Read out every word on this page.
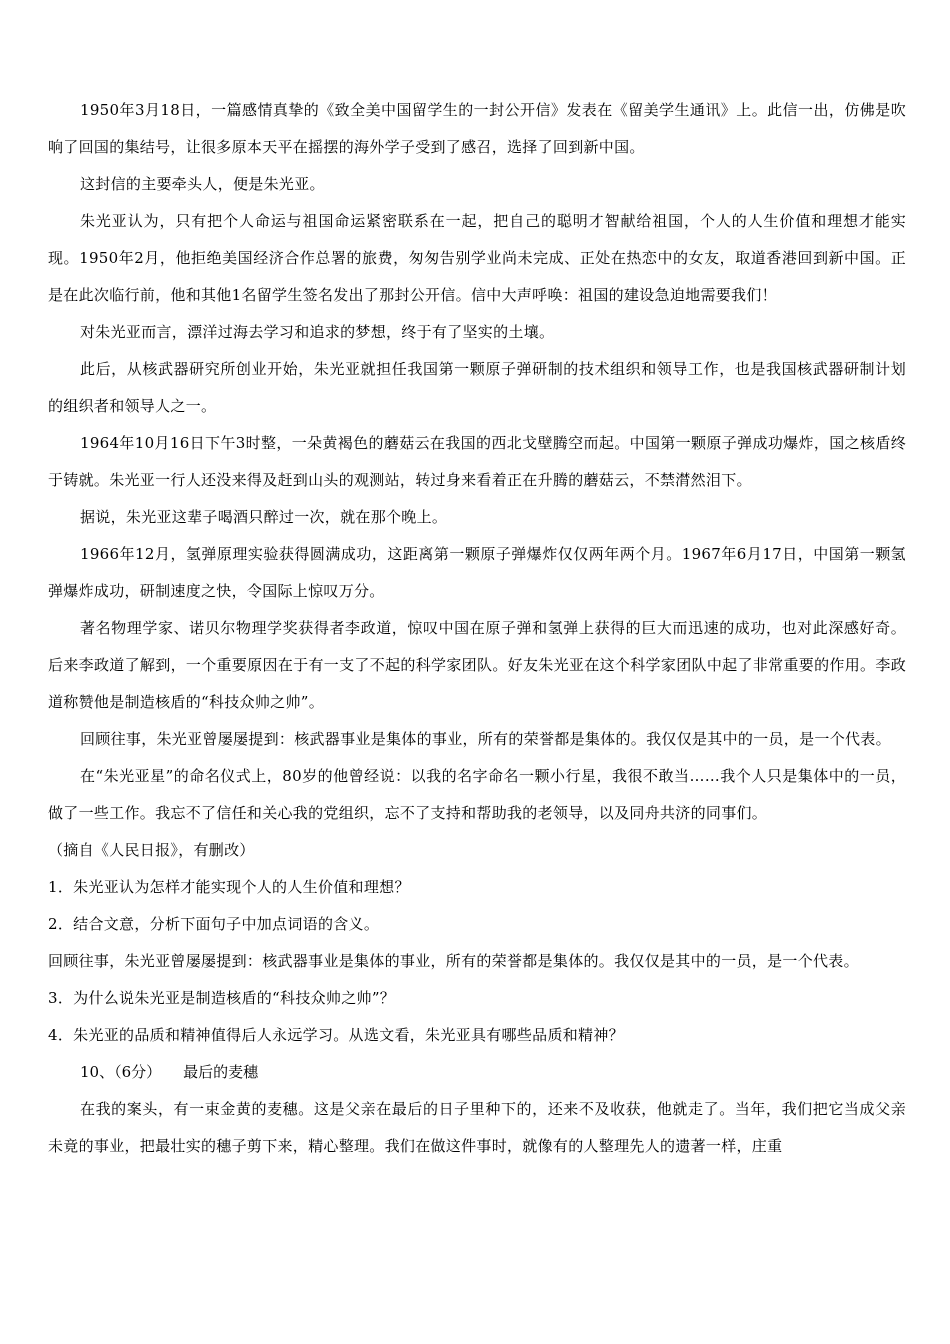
1950年3月18日，一篇感情真挚的《致全美中国留学生的一封公开信》发表在《留美学生通讯》上。此信一出，仿佛是吹响了回国的集结号，让很多原本天平在摇摆的海外学子受到了感召，选择了回到新中国。

这封信的主要牵头人，便是朱光亚。

朱光亚认为，只有把个人命运与祖国命运紧密联系在一起，把自己的聪明才智献给祖国，个人的人生价值和理想才能实现。1950年2月，他拒绝美国经济合作总署的旅费，匆匆告别学业尚未完成、正处在热恋中的女友，取道香港回到新中国。正是在此次临行前，他和其他1名留学生签名发出了那封公开信。信中大声呼唤：祖国的建设急迫地需要我们！

对朱光亚而言，漂洋过海去学习和追求的梦想，终于有了坚实的土壤。

此后，从核武器研究所创业开始，朱光亚就担任我国第一颗原子弹研制的技术组织和领导工作，也是我国核武器研制计划的组织者和领导人之一。

1964年10月16日下午3时整，一朵黄褐色的蘑菇云在我国的西北戈壁腾空而起。中国第一颗原子弹成功爆炸，国之核盾终于铸就。朱光亚一行人还没来得及赶到山头的观测站，转过身来看着正在升腾的蘑菇云，不禁潸然泪下。

据说，朱光亚这辈子喝酒只醉过一次，就在那个晚上。

1966年12月，氢弹原理实验获得圆满成功，这距离第一颗原子弹爆炸仅仅两年两个月。1967年6月17日，中国第一颗氢弹爆炸成功，研制速度之快，令国际上惊叹万分。

著名物理学家、诺贝尔物理学奖获得者李政道，惊叹中国在原子弹和氢弹上获得的巨大而迅速的成功，也对此深感好奇。后来李政道了解到，一个重要原因在于有一支了不起的科学家团队。好友朱光亚在这个科学家团队中起了非常重要的作用。李政道称赞他是制造核盾的“科技众帅之帅”。

回顾往事，朱光亚曾屡屡提到：核武器事业是集体的事业，所有的荣誉都是集体的。我仅仅是其中的一员，是一个代表。

在“朱光亚星”的命名仪式上，80岁的他曾经说：以我的名字命名一颗小行星，我很不敢当……我个人只是集体中的一员，做了一些工作。我忘不了信任和关心我的党组织，忘不了支持和帮助我的老领导，以及同舟共济的同事们。

（摘自《人民日报》，有删改）

1．朱光亚认为怎样才能实现个人的人生价值和理想？

2．结合文意，分析下面句子中加点词语的含义。

回顾往事，朱光亚曾屡屡提到：核武器事业是集体的事业，所有的荣誉都是集体的。我仅仅是其中的一员，是一个代表。

3．为什么说朱光亚是制造核盾的“科技众帅之帅”？

4．朱光亚的品质和精神值得后人永远学习。从选文看，朱光亚具有哪些品质和精神？

10、（6分） 最后的麦穗

在我的案头，有一束金黄的麦穗。这是父亲在最后的日子里种下的，还来不及收获，他就走了。当年，我们把它当成父亲未竟的事业，把最壮实的穗子剪下来，精心整理。我们在做这件事时，就像有的人整理先人的遗著一样，庄重
